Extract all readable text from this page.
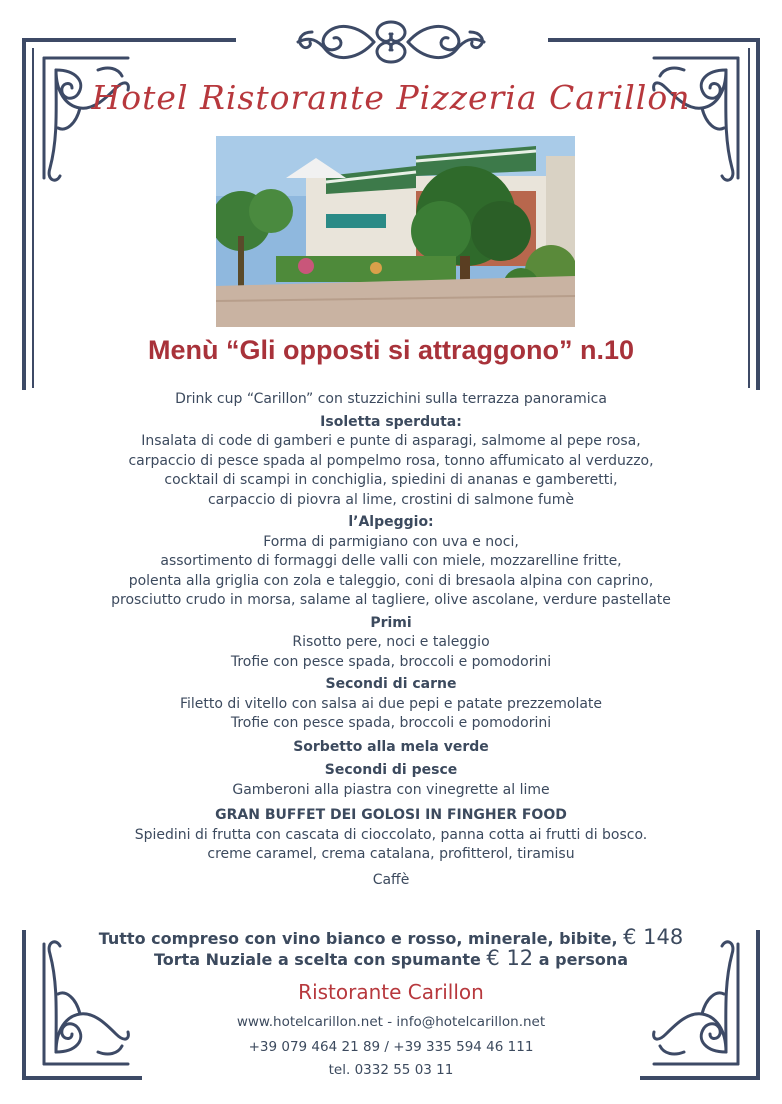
Hotel Ristorante Pizzeria Carillon
Menù “Gli opposti si attraggono” n.10
Drink cup “Carillon” con stuzzichini sulla terrazza panoramica
Isoletta sperduta:
Insalata di code di gamberi e punte di asparagi, salmome al pepe rosa,
carpaccio di pesce spada al pompelmo rosa, tonno affumicato al verduzzo,
cocktail di scampi in conchiglia, spiedini di ananas e gamberetti,
carpaccio di piovra al lime, crostini di salmone fumè
l’Alpeggio:
Forma di parmigiano con uva e noci,
assortimento di formaggi delle valli con miele, mozzarelline fritte,
polenta alla griglia con zola e taleggio, coni di bresaola alpina con caprino,
prosciutto crudo in morsa, salame al tagliere, olive ascolane, verdure pastellate
Primi
Risotto pere, noci e taleggio
Trofie con pesce spada, broccoli e pomodorini
Secondi di carne
Filetto di vitello con salsa ai due pepi e patate prezzemolate
Trofie con pesce spada, broccoli e pomodorini
Sorbetto alla mela verde
Secondi di pesce
Gamberoni alla piastra con vinegrette al lime
GRAN BUFFET DEI GOLOSI IN FINGHER FOOD
Spiedini di frutta con cascata di cioccolato, panna cotta ai frutti di bosco.
creme caramel, crema catalana, profitterol, tiramisu
Caffè
Tutto compreso con vino bianco e rosso, minerale, bibite, € 148
Torta Nuziale a scelta con spumante € 12 a persona
Ristorante Carillon
www.hotelcarillon.net - info@hotelcarillon.net
+39 079 464 21 89 / +39 335 594 46 111
tel. 0332 55 03 11
